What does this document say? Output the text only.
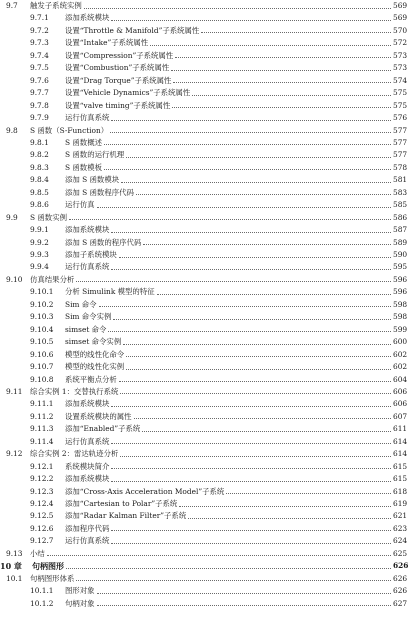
9.7	触发子系统实例	569
9.7.1	添加系统模块	569
9.7.2	设置“Throttle & Manifold”子系统属性	570
9.7.3	设置“Intake”子系统属性	572
9.7.4	设置“Compression”子系统属性	573
9.7.5	设置“Combustion”子系统属性	573
9.7.6	设置“Drag Torque”子系统属性	574
9.7.7	设置“Vehicle Dynamics”子系统属性	575
9.7.8	设置“valve timing”子系统属性	575
9.7.9	运行仿真系统	576
9.8	S 函数（S-Function）	577
9.8.1	S 函数概述	577
9.8.2	S 函数的运行机理	577
9.8.3	S 函数模板	578
9.8.4	添加 S 函数模块	581
9.8.5	添加 S 函数程序代码	583
9.8.6	运行仿真	585
9.9	S 函数实例	586
9.9.1	添加系统模块	587
9.9.2	添加 S 函数的程序代码	589
9.9.3	添加子系统模块	590
9.9.4	运行仿真系统	595
9.10	仿真结果分析	596
9.10.1	分析 Simulink 模型的特征	596
9.10.2	Sim 命令	598
9.10.3	Sim 命令实例	598
9.10.4	simset 命令	599
9.10.5	simset 命令实例	600
9.10.6	模型的线性化命令	602
9.10.7	模型的线性化实例	602
9.10.8	系统平衡点分析	604
9.11	综合实例 1：交替执行系统	606
9.11.1	添加系统模块	606
9.11.2	设置系统模块的属性	607
9.11.3	添加“Enabled”子系统	611
9.11.4	运行仿真系统	614
9.12	综合实例 2：雷达轨迹分析	614
9.12.1	系统模块简介	615
9.12.2	添加系统模块	615
9.12.3	添加“Cross-Axis Acceleration Model”子系统	618
9.12.4	添加“Cartesian to Polar”子系统	619
9.12.5	添加“Radar Kalman Filter”子系统	621
9.12.6	添加程序代码	623
9.12.7	运行仿真系统	624
9.13	小结	625
10 章	句柄图形	626
10.1	句柄图形体系	626
10.1.1	图形对象	626
10.1.2	句柄对象	627
